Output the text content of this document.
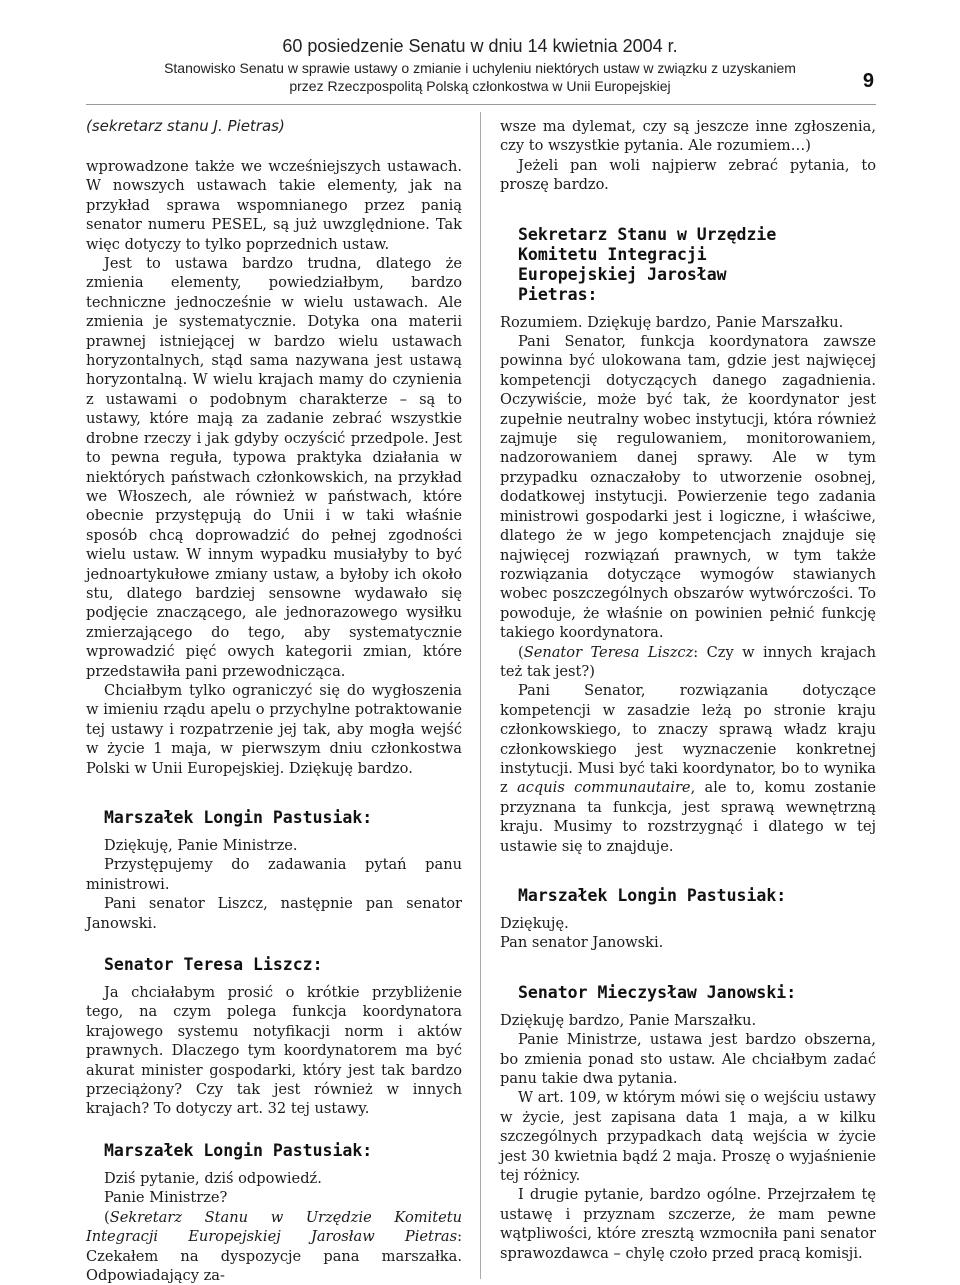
60 posiedzenie Senatu w dniu 14 kwietnia 2004 r.
Stanowisko Senatu w sprawie ustawy o zmianie i uchyleniu niektórych ustaw w związku z uzyskaniem
przez Rzeczpospolitą Polską członkostwa w Unii Europejskiej	9
(sekretarz stanu J. Pietras)

wprowadzone także we wcześniejszych ustawach. W nowszych ustawach takie elementy, jak na przykład sprawa wspomnianego przez panią senator numeru PESEL, są już uwzględnione. Tak więc dotyczy to tylko poprzednich ustaw.

Jest to ustawa bardzo trudna, dlatego że zmienia elementy, powiedziałbym, bardzo techniczne jednocześnie w wielu ustawach. Ale zmienia je systematycznie. Dotyka ona materii prawnej istniejącej w bardzo wielu ustawach horyzontalnych, stąd sama nazywana jest ustawą horyzontalną. W wielu krajach mamy do czynienia z ustawami o podobnym charakterze – są to ustawy, które mają za zadanie zebrać wszystkie drobne rzeczy i jak gdyby oczyścić przedpole. Jest to pewna reguła, typowa praktyka działania w niektórych państwach członkowskich, na przykład we Włoszech, ale również w państwach, które obecnie przystępują do Unii i w taki właśnie sposób chcą doprowadzić do pełnej zgodności wielu ustaw. W innym wypadku musiałyby to być jednoartykułowe zmiany ustaw, a byłoby ich około stu, dlatego bardziej sensowne wydawało się podjęcie znaczącego, ale jednorazowego wysiłku zmierzającego do tego, aby systematycznie wprowadzić pięć owych kategorii zmian, które przedstawiła pani przewodnicząca.

Chciałbym tylko ograniczyć się do wygłoszenia w imieniu rządu apelu o przychylne potraktowanie tej ustawy i rozpatrzenie jej tak, aby mogła wejść w życie 1 maja, w pierwszym dniu członkostwa Polski w Unii Europejskiej. Dziękuję bardzo.

Marszałek Longin Pastusiak:

Dziękuję, Panie Ministrze.

Przystępujemy do zadawania pytań panu ministrowi.

Pani senator Liszcz, następnie pan senator Janowski.

Senator Teresa Liszcz:

Ja chciałabym prosić o krótkie przybliżenie tego, na czym polega funkcja koordynatora krajowego systemu notyfikacji norm i aktów prawnych. Dlaczego tym koordynatorem ma być akurat minister gospodarki, który jest tak bardzo przeciążony? Czy tak jest również w innych krajach? To dotyczy art. 32 tej ustawy.

Marszałek Longin Pastusiak:

Dziś pytanie, dziś odpowiedź.

Panie Ministrze?

(Sekretarz Stanu w Urzędzie Komitetu Integracji Europejskiej Jarosław Pietras: Czekałem na dyspozycje pana marszałka. Odpowiadający za-

wsze ma dylemat, czy są jeszcze inne zgłoszenia, czy to wszystkie pytania. Ale rozumiem…)

Jeżeli pan woli najpierw zebrać pytania, to proszę bardzo.

Sekretarz Stanu w Urzędzie Komitetu Integracji Europejskiej Jarosław Pietras:

Rozumiem. Dziękuję bardzo, Panie Marszałku.

Pani Senator, funkcja koordynatora zawsze powinna być ulokowana tam, gdzie jest najwięcej kompetencji dotyczących danego zagadnienia. Oczywiście, może być tak, że koordynator jest zupełnie neutralny wobec instytucji, która również zajmuje się regulowaniem, monitorowaniem, nadzorowaniem danej sprawy. Ale w tym przypadku oznaczałoby to utworzenie osobnej, dodatkowej instytucji. Powierzenie tego zadania ministrowi gospodarki jest i logiczne, i właściwe, dlatego że w jego kompetencjach znajduje się najwięcej rozwiązań prawnych, w tym także rozwiązania dotyczące wymogów stawianych wobec poszczególnych obszarów wytwórczości. To powoduje, że właśnie on powinien pełnić funkcję takiego koordynatora.

(Senator Teresa Liszcz: Czy w innych krajach też tak jest?)

Pani Senator, rozwiązania dotyczące kompetencji w zasadzie leżą po stronie kraju członkowskiego, to znaczy sprawą władz kraju członkowskiego jest wyznaczenie konkretnej instytucji. Musi być taki koordynator, bo to wynika z acquis communautaire, ale to, komu zostanie przyznana ta funkcja, jest sprawą wewnętrzną kraju. Musimy to rozstrzygnąć i dlatego w tej ustawie się to znajduje.

Marszałek Longin Pastusiak:

Dziękuję.

Pan senator Janowski.

Senator Mieczysław Janowski:

Dziękuję bardzo, Panie Marszałku.

Panie Ministrze, ustawa jest bardzo obszerna, bo zmienia ponad sto ustaw. Ale chciałbym zadać panu takie dwa pytania.

W art. 109, w którym mówi się o wejściu ustawy w życie, jest zapisana data 1 maja, a w kilku szczególnych przypadkach datą wejścia w życie jest 30 kwietnia bądź 2 maja. Proszę o wyjaśnienie tej różnicy.

I drugie pytanie, bardzo ogólne. Przejrzałem tę ustawę i przyznam szczerze, że mam pewne wątpliwości, które zresztą wzmocniła pani senator sprawozdawca – chylę czoło przed pracą komisji.
